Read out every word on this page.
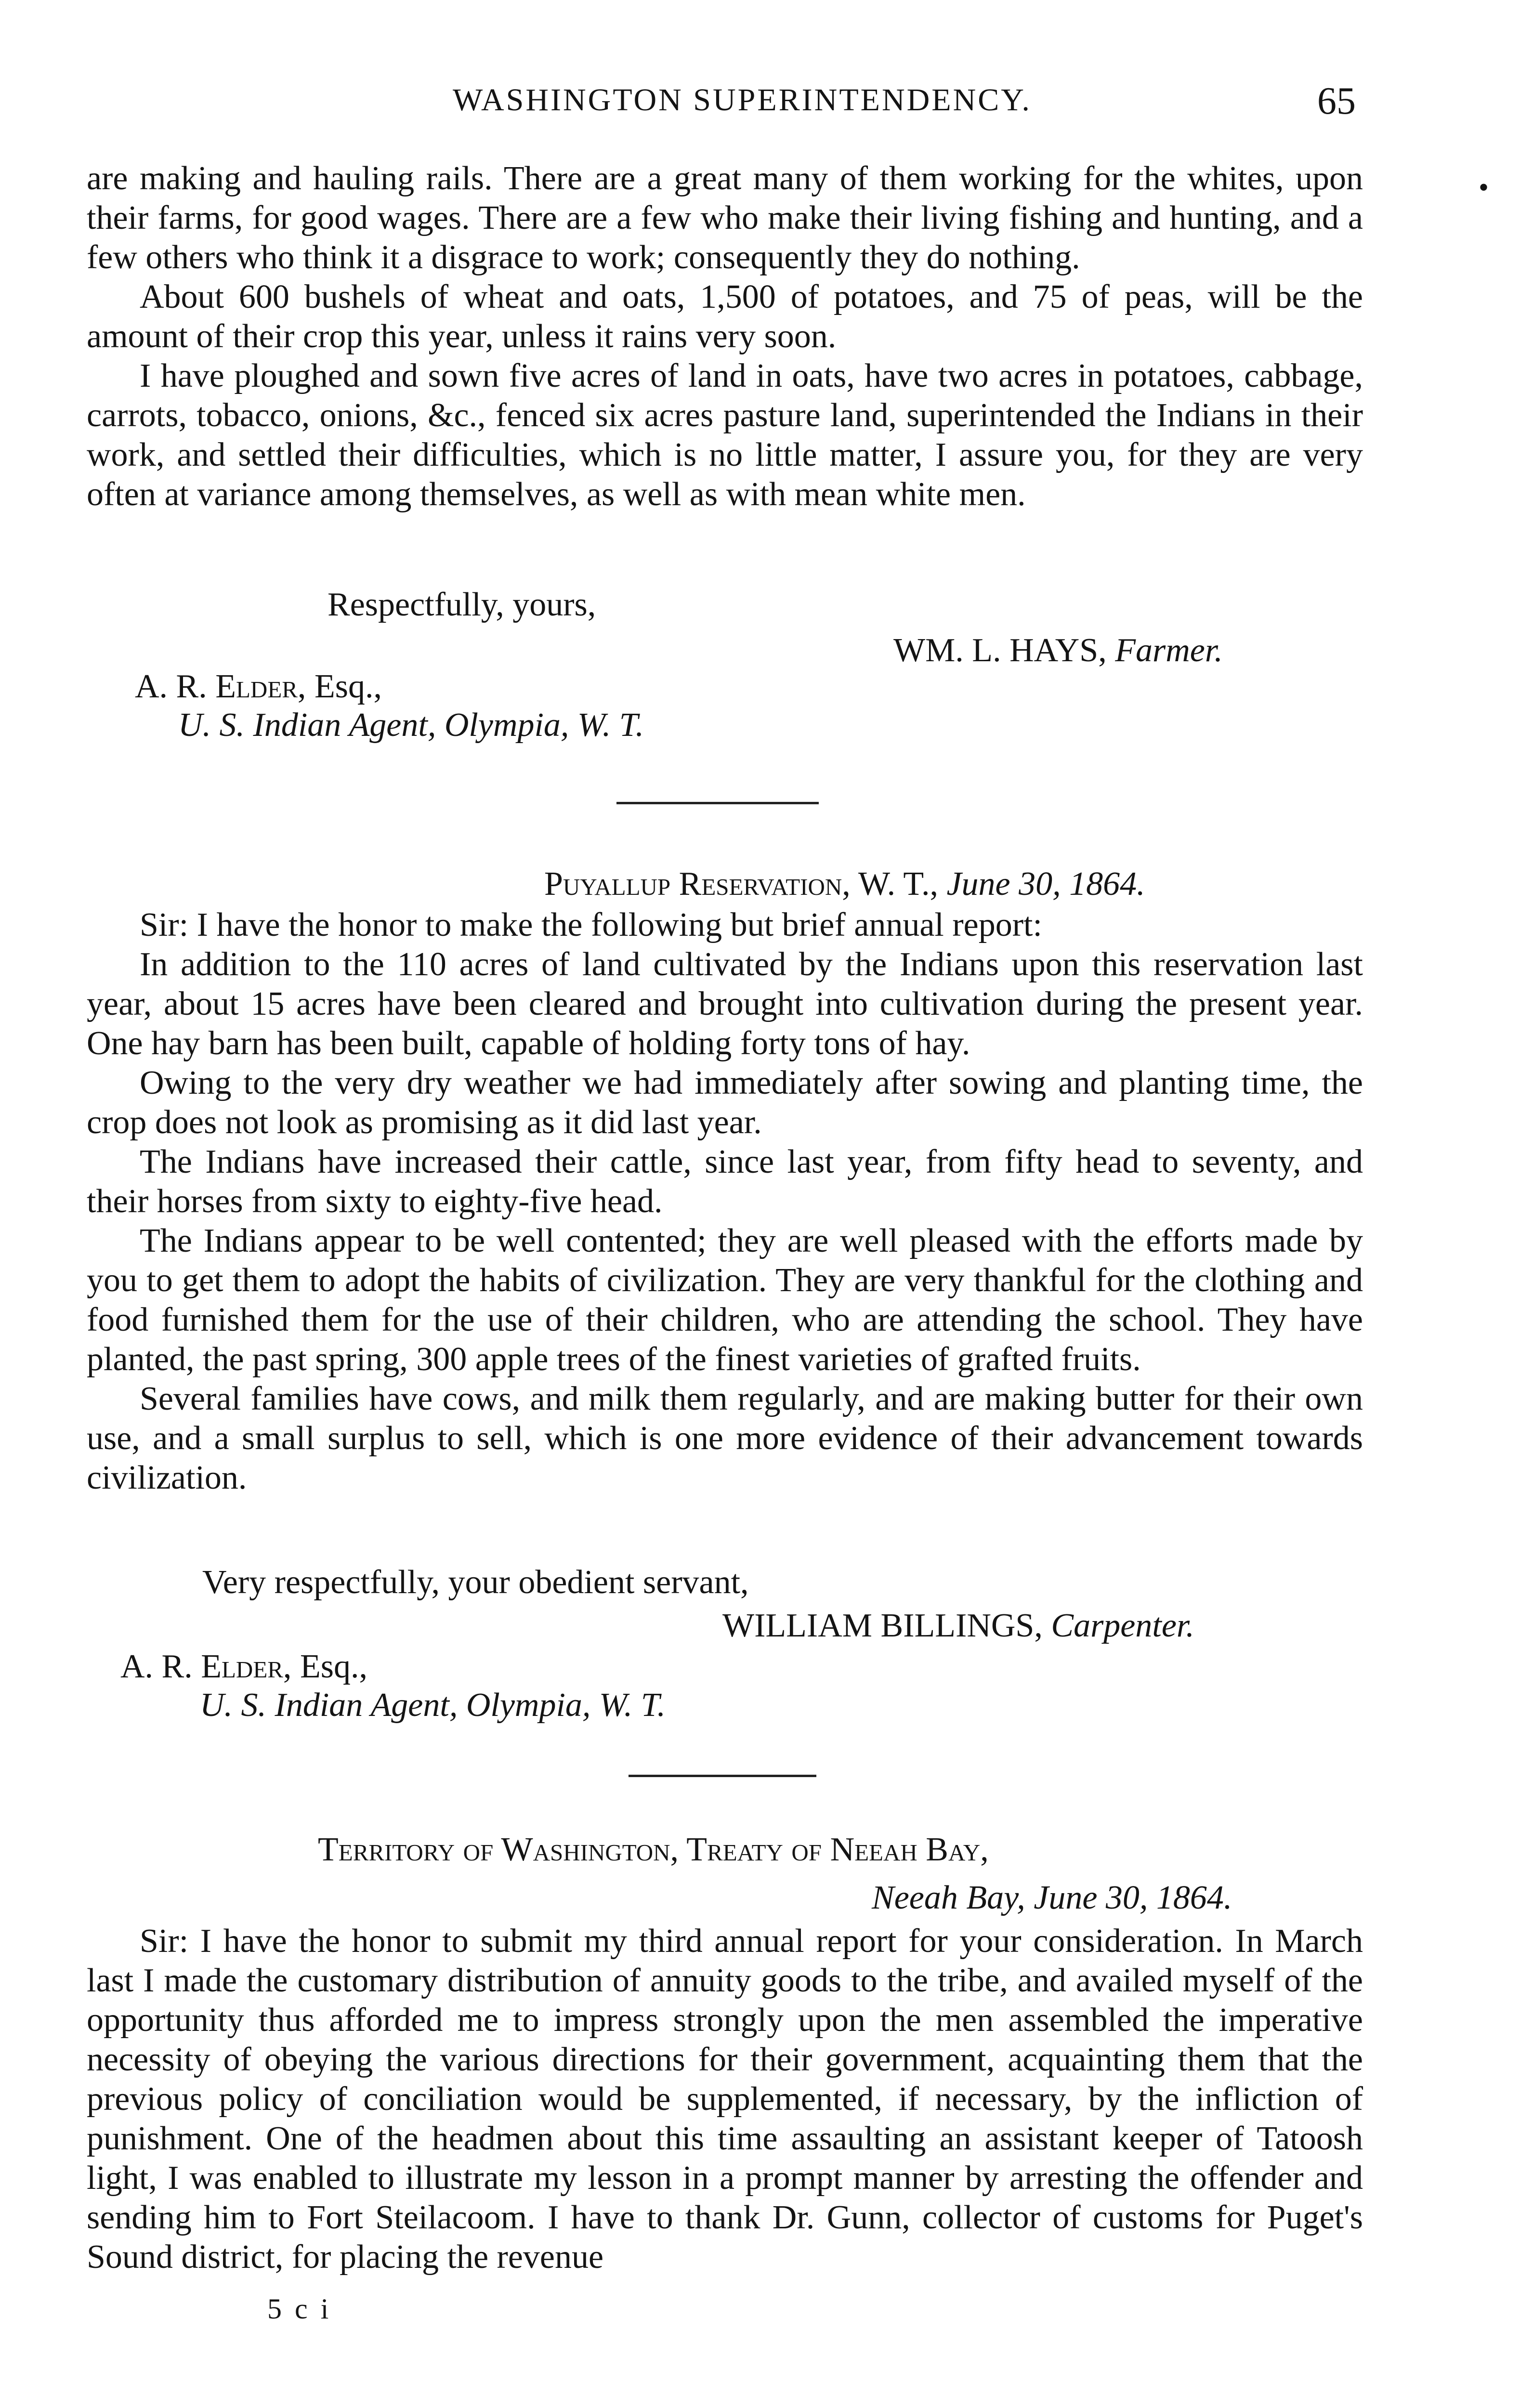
WASHINGTON SUPERINTENDENCY.	65
•

are making and hauling rails. There are a great many of them working for the whites, upon their farms, for good wages. There are a few who make their living fishing and hunting, and a few others who think it a disgrace to work; consequently they do nothing.

About 600 bushels of wheat and oats, 1,500 of potatoes, and 75 of peas, will be the amount of their crop this year, unless it rains very soon.

I have ploughed and sown five acres of land in oats, have two acres in potatoes, cabbage, carrots, tobacco, onions, &c., fenced six acres pasture land, superintended the Indians in their work, and settled their difficulties, which is no little matter, I assure you, for they are very often at variance among themselves, as well as with mean white men.

Respectfully, yours,
WM. L. HAYS, Farmer.
A. R. Elder, Esq.,
U. S. Indian Agent, Olympia, W. T.
Puyallup Reservation, W. T., June 30, 1864.

Sir: I have the honor to make the following but brief annual report:

In addition to the 110 acres of land cultivated by the Indians upon this reservation last year, about 15 acres have been cleared and brought into cultivation during the present year. One hay barn has been built, capable of holding forty tons of hay.

Owing to the very dry weather we had immediately after sowing and planting time, the crop does not look as promising as it did last year.

The Indians have increased their cattle, since last year, from fifty head to seventy, and their horses from sixty to eighty-five head.

The Indians appear to be well contented; they are well pleased with the efforts made by you to get them to adopt the habits of civilization. They are very thankful for the clothing and food furnished them for the use of their children, who are attending the school. They have planted, the past spring, 300 apple trees of the finest varieties of grafted fruits.

Several families have cows, and milk them regularly, and are making butter for their own use, and a small surplus to sell, which is one more evidence of their advancement towards civilization.

Very respectfully, your obedient servant,
WILLIAM BILLINGS, Carpenter.
A. R. Elder, Esq.,
U. S. Indian Agent, Olympia, W. T.
Territory of Washington, Treaty of Neeah Bay,
Neeah Bay, June 30, 1864.

Sir: I have the honor to submit my third annual report for your consideration. In March last I made the customary distribution of annuity goods to the tribe, and availed myself of the opportunity thus afforded me to impress strongly upon the men assembled the imperative necessity of obeying the various directions for their government, acquainting them that the previous policy of conciliation would be supplemented, if necessary, by the infliction of punishment. One of the headmen about this time assaulting an assistant keeper of Tatoosh light, I was enabled to illustrate my lesson in a prompt manner by arresting the offender and sending him to Fort Steilacoom. I have to thank Dr. Gunn, collector of customs for Puget's Sound district, for placing the revenue

5 c i
